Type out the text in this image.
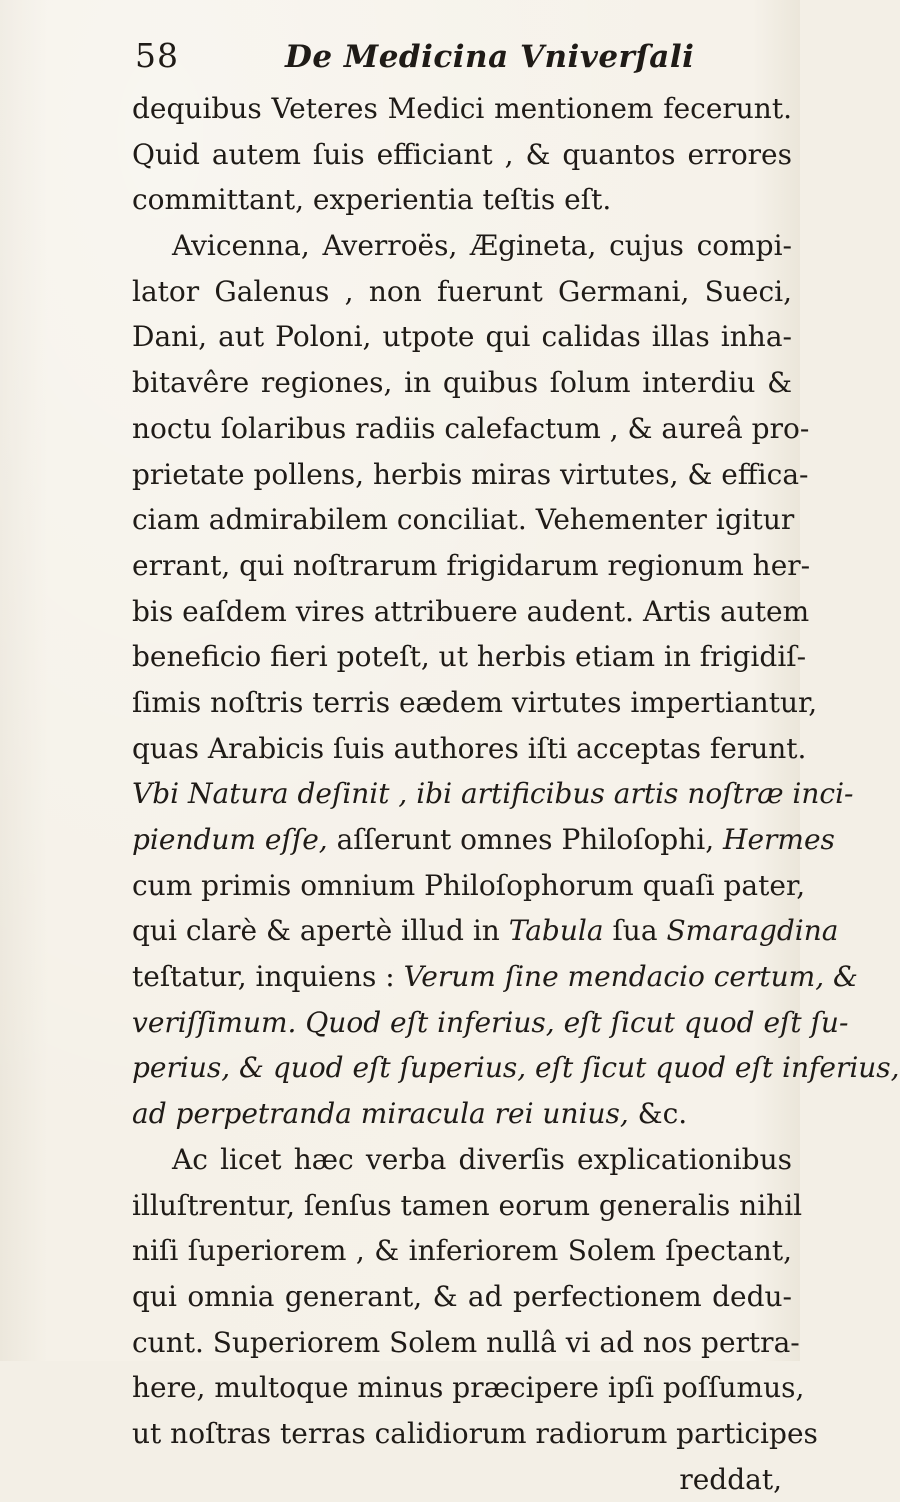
58	De Medicina Vniverſali
dequibus Veteres Medici mentionem fecerunt.
Quid autem ſuis efficiant , & quantos errores
committant, experientia teſtis eſt.
Avicenna, Averroës, Ægineta, cujus compi-
lator Galenus , non fuerunt Germani, Sueci,
Dani, aut Poloni, utpote qui calidas illas inha-
bitavêre regiones, in quibus ſolum interdiu &
noctu ſolaribus radiis calefactum , & aureâ pro-
prietate pollens, herbis miras virtutes, & effica-
ciam admirabilem conciliat. Vehementer igitur
errant, qui noſtrarum frigidarum regionum her-
bis eaſdem vires attribuere audent. Artis autem
beneficio fieri poteſt, ut herbis etiam in frigidiſ-
ſimis noſtris terris eædem virtutes impertiantur,
quas Arabicis ſuis authores iſti acceptas ferunt.
Vbi Natura deſinit , ibi artificibus artis noſtræ inci-
piendum eſſe, aſſerunt omnes Philoſophi, Hermes
cum primis omnium Philoſophorum quaſi pater,
qui clarè & apertè illud in Tabula ſua Smaragdina
teſtatur, inquiens : Verum ſine mendacio certum, &
veriſſimum. Quod eſt inferius, eſt ſicut quod eſt ſu-
perius, & quod eſt ſuperius, eſt ſicut quod eſt inferius,
ad perpetranda miracula rei unius, &c.
Ac licet hæc verba diverſis explicationibus
illuſtrentur, ſenſus tamen eorum generalis nihil
niſi ſuperiorem , & inferiorem Solem ſpectant,
qui omnia generant, & ad perfectionem dedu-
cunt. Superiorem Solem nullâ vi ad nos pertra-
here, multoque minus præcipere ipſi poſſumus,
ut noſtras terras calidiorum radiorum participes
reddat,
